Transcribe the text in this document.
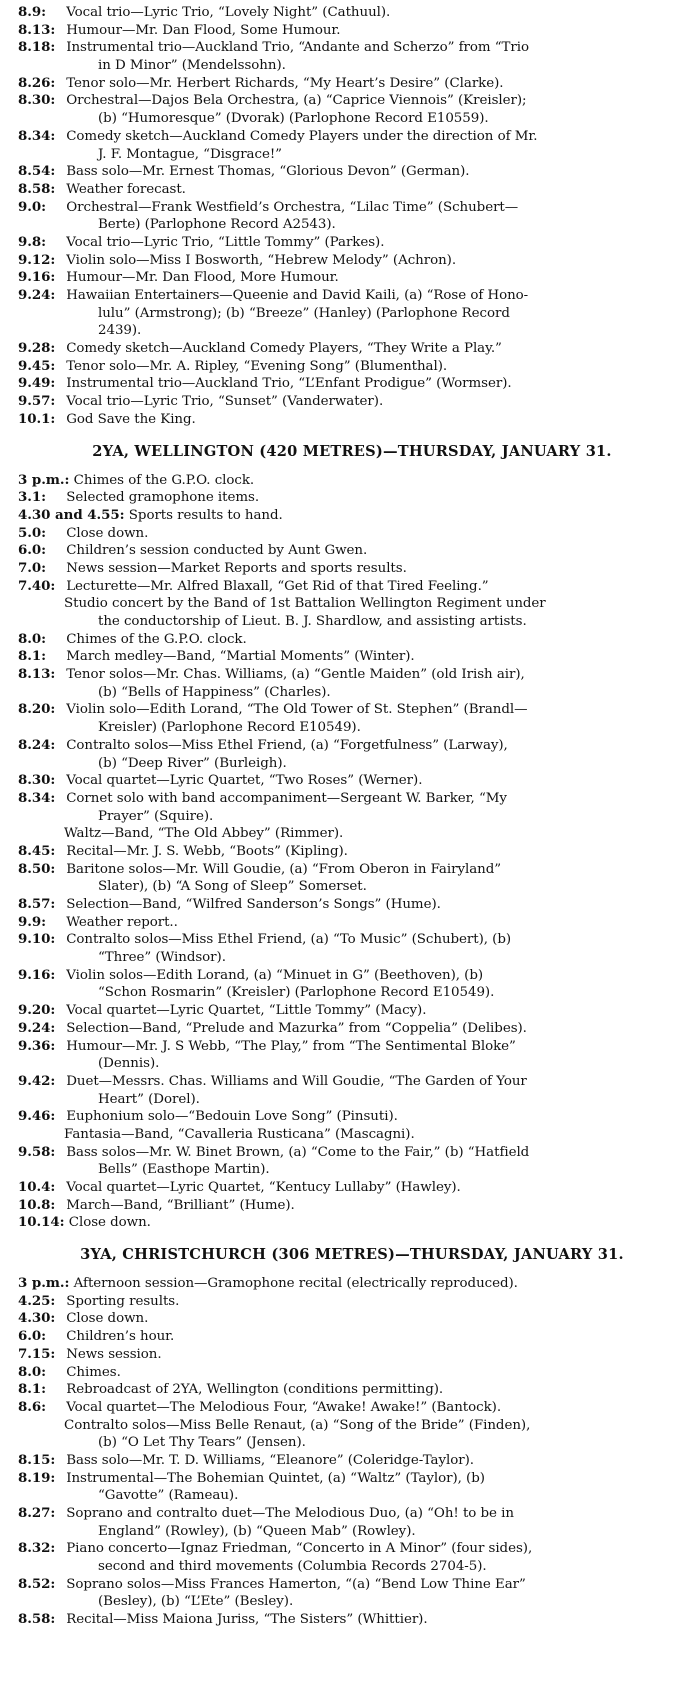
8.9: Vocal trio—Lyric Trio, “Lovely Night” (Cathuul).
8.13: Humour—Mr. Dan Flood, Some Humour.
8.18: Instrumental trio—Auckland Trio, “Andante and Scherzo” from “Trio
in D Minor” (Mendelssohn).
8.26: Tenor solo—Mr. Herbert Richards, “My Heart’s Desire” (Clarke).
8.30: Orchestral—Dajos Bela Orchestra, (a) “Caprice Viennois” (Kreisler);
(b) “Humoresque” (Dvorak) (Parlophone Record E10559).
8.34: Comedy sketch—Auckland Comedy Players under the direction of Mr.
J. F. Montague, “Disgrace!”
8.54: Bass solo—Mr. Ernest Thomas, “Glorious Devon” (German).
8.58: Weather forecast.
9.0: Orchestral—Frank Westfield’s Orchestra, “Lilac Time” (Schubert—
Berte) (Parlophone Record A2543).
9.8: Vocal trio—Lyric Trio, “Little Tommy” (Parkes).
9.12: Violin solo—Miss I Bosworth, “Hebrew Melody” (Achron).
9.16: Humour—Mr. Dan Flood, More Humour.
9.24: Hawaiian Entertainers—Queenie and David Kaili, (a) “Rose of Hono-
lulu” (Armstrong); (b) “Breeze” (Hanley) (Parlophone Record
2439).
9.28: Comedy sketch—Auckland Comedy Players, “They Write a Play.”
9.45: Tenor solo—Mr. A. Ripley, “Evening Song” (Blumenthal).
9.49: Instrumental trio—Auckland Trio, “L’Enfant Prodigue” (Wormser).
9.57: Vocal trio—Lyric Trio, “Sunset” (Vanderwater).
10.1: God Save the King.
2YA, WELLINGTON (420 METRES)—THURSDAY, JANUARY 31.
3 p.m.: Chimes of the G.P.O. clock.
3.1: Selected gramophone items.
4.30 and 4.55: Sports results to hand.
5.0: Close down.
6.0: Children’s session conducted by Aunt Gwen.
7.0: News session—Market Reports and sports results.
7.40: Lecturette—Mr. Alfred Blaxall, “Get Rid of that Tired Feeling.”
Studio concert by the Band of 1st Battalion Wellington Regiment under
the conductorship of Lieut. B. J. Shardlow, and assisting artists.
8.0: Chimes of the G.P.O. clock.
8.1: March medley—Band, “Martial Moments” (Winter).
8.13: Tenor solos—Mr. Chas. Williams, (a) “Gentle Maiden” (old Irish air),
(b) “Bells of Happiness” (Charles).
8.20: Violin solo—Edith Lorand, “The Old Tower of St. Stephen” (Brandl—
Kreisler) (Parlophone Record E10549).
8.24: Contralto solos—Miss Ethel Friend, (a) “Forgetfulness” (Larway),
(b) “Deep River” (Burleigh).
8.30: Vocal quartet—Lyric Quartet, “Two Roses” (Werner).
8.34: Cornet solo with band accompaniment—Sergeant W. Barker, “My
Prayer” (Squire).
Waltz—Band, “The Old Abbey” (Rimmer).
8.45: Recital—Mr. J. S. Webb, “Boots” (Kipling).
8.50: Baritone solos—Mr. Will Goudie, (a) “From Oberon in Fairyland”
Slater), (b) “A Song of Sleep” Somerset.
8.57: Selection—Band, “Wilfred Sanderson’s Songs” (Hume).
9.9: Weather report..
9.10: Contralto solos—Miss Ethel Friend, (a) “To Music” (Schubert), (b)
“Three” (Windsor).
9.16: Violin solos—Edith Lorand, (a) “Minuet in G” (Beethoven), (b)
“Schon Rosmarin” (Kreisler) (Parlophone Record E10549).
9.20: Vocal quartet—Lyric Quartet, “Little Tommy” (Macy).
9.24: Selection—Band, “Prelude and Mazurka” from “Coppelia” (Delibes).
9.36: Humour—Mr. J. S Webb, “The Play,” from “The Sentimental Bloke”
(Dennis).
9.42: Duet—Messrs. Chas. Williams and Will Goudie, “The Garden of Your
Heart” (Dorel).
9.46: Euphonium solo—“Bedouin Love Song” (Pinsuti).
Fantasia—Band, “Cavalleria Rusticana” (Mascagni).
9.58: Bass solos—Mr. W. Binet Brown, (a) “Come to the Fair,” (b) “Hatfield
Bells” (Easthope Martin).
10.4: Vocal quartet—Lyric Quartet, “Kentucy Lullaby” (Hawley).
10.8: March—Band, “Brilliant” (Hume).
10.14: Close down.
3YA, CHRISTCHURCH (306 METRES)—THURSDAY, JANUARY 31.
3 p.m.: Afternoon session—Gramophone recital (electrically reproduced).
4.25: Sporting results.
4.30: Close down.
6.0: Children’s hour.
7.15: News session.
8.0: Chimes.
8.1: Rebroadcast of 2YA, Wellington (conditions permitting).
8.6: Vocal quartet—The Melodious Four, “Awake! Awake!” (Bantock).
Contralto solos—Miss Belle Renaut, (a) “Song of the Bride” (Finden),
(b) “O Let Thy Tears” (Jensen).
8.15: Bass solo—Mr. T. D. Williams, “Eleanore” (Coleridge-Taylor).
8.19: Instrumental—The Bohemian Quintet, (a) “Waltz” (Taylor), (b)
“Gavotte” (Rameau).
8.27: Soprano and contralto duet—The Melodious Duo, (a) “Oh! to be in
England” (Rowley), (b) “Queen Mab” (Rowley).
8.32: Piano concerto—Ignaz Friedman, “Concerto in A Minor” (four sides),
second and third movements (Columbia Records 2704-5).
8.52: Soprano solos—Miss Frances Hamerton, “(a) “Bend Low Thine Ear”
(Besley), (b) “L’Ete” (Besley).
8.58: Recital—Miss Maiona Juriss, “The Sisters” (Whittier).
